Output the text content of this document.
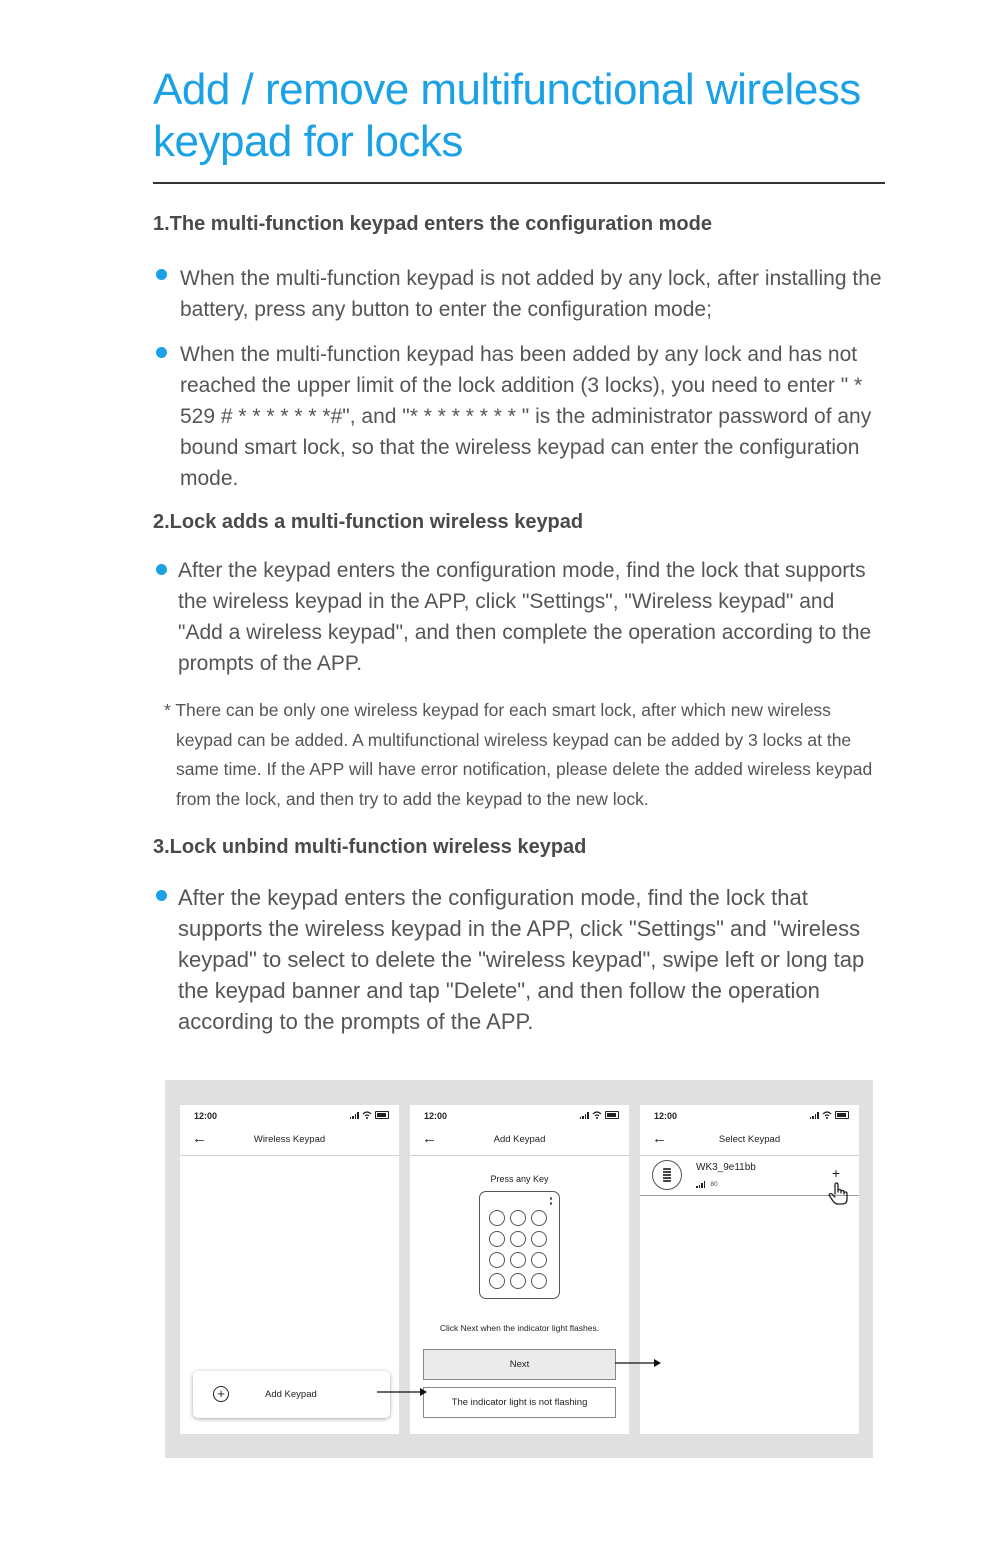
Add / remove multifunctional wireless
keypad for locks
1.The multi-function keypad enters the configuration mode
When the multi-function keypad is not added by any lock, after installing the battery, press any button to enter the configuration mode;
When the multi-function keypad has been added by any lock and has not reached the upper limit of the lock addition (3 locks), you need to enter " * 529 # * * * * * * *#", and "* * * * * * * * " is the administrator password of any bound smart lock, so that the wireless keypad can enter the configuration mode.
2.Lock adds a multi-function wireless keypad
After the keypad enters the configuration mode, find the lock that supports the wireless keypad in the APP, click "Settings", "Wireless keypad" and "Add a wireless keypad", and then complete the operation according to the prompts of the APP.
* There can be only one wireless keypad for each smart lock, after which new wireless
keypad can be added. A multifunctional wireless keypad can be added by 3 locks at the same time. If the APP will have error notification, please delete the added wireless keypad from the lock, and then try to add the keypad to the new lock.
3.Lock unbind multi-function wireless keypad
After the keypad enters the configuration mode, find the lock that supports the wireless keypad in the APP, click "Settings" and "wireless keypad" to select to delete the "wireless keypad", swipe left or long tap the keypad banner and tap "Delete", and then follow the operation according to the prompts of the APP.
12:00
←	Wireless Keypad
+	Add Keypad
12:00
←	Add Keypad
Press any Key
Click Next when the indicator light flashes.
Next
The indicator light is not flashing
12:00
←	Select Keypad
WK3_9e11bb
80
+
